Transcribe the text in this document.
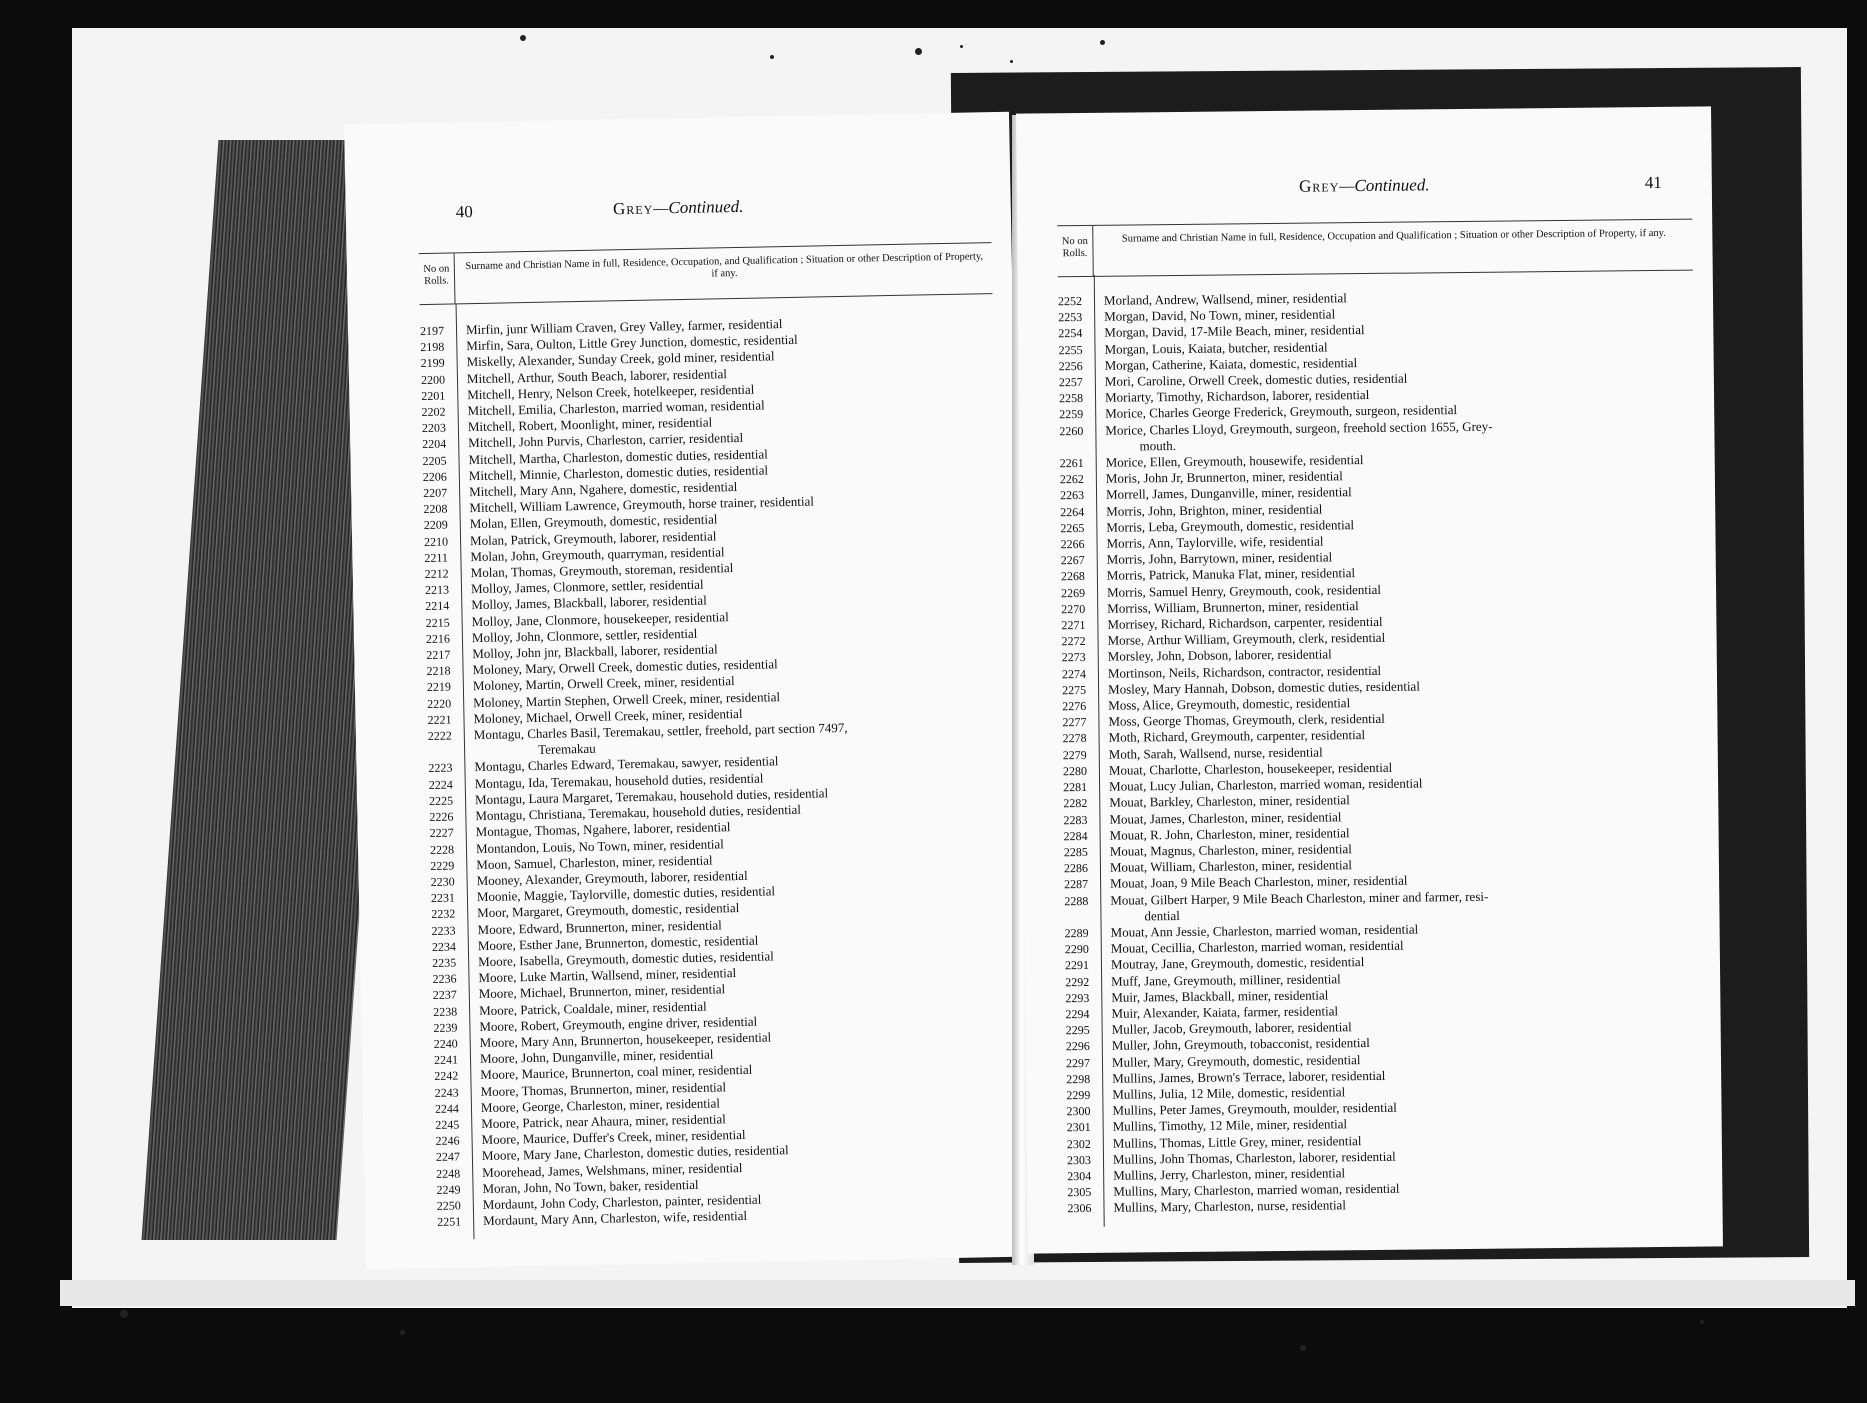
40	Grey—Continued.
No on Rolls.
Surname and Christian Name in full, Residence, Occupation, and Qualification ; Situation or other Description of Property, if any.
2197 Mirfin, junr William Craven, Grey Valley, farmer, residential
2198 Mirfin, Sara, Oulton, Little Grey Junction, domestic, residential
2199 Miskelly, Alexander, Sunday Creek, gold miner, residential
2200 Mitchell, Arthur, South Beach, laborer, residential
2201 Mitchell, Henry, Nelson Creek, hotelkeeper, residential
2202 Mitchell, Emilia, Charleston, married woman, residential
2203 Mitchell, Robert, Moonlight, miner, residential
2204 Mitchell, John Purvis, Charleston, carrier, residential
2205 Mitchell, Martha, Charleston, domestic duties, residential
2206 Mitchell, Minnie, Charleston, domestic duties, residential
2207 Mitchell, Mary Ann, Ngahere, domestic, residential
2208 Mitchell, William Lawrence, Greymouth, horse trainer, residential
2209 Molan, Ellen, Greymouth, domestic, residential
2210 Molan, Patrick, Greymouth, laborer, residential
2211 Molan, John, Greymouth, quarryman, residential
2212 Molan, Thomas, Greymouth, storeman, residential
2213 Molloy, James, Clonmore, settler, residential
2214 Molloy, James, Blackball, laborer, residential
2215 Molloy, Jane, Clonmore, housekeeper, residential
2216 Molloy, John, Clonmore, settler, residential
2217 Molloy, John jnr, Blackball, laborer, residential
2218 Moloney, Mary, Orwell Creek, domestic duties, residential
2219 Moloney, Martin, Orwell Creek, miner, residential
2220 Moloney, Martin Stephen, Orwell Creek, miner, residential
2221 Moloney, Michael, Orwell Creek, miner, residential
2222 Montagu, Charles Basil, Teremakau, settler, freehold, part section 7497,
Teremakau
2223 Montagu, Charles Edward, Teremakau, sawyer, residential
2224 Montagu, Ida, Teremakau, household duties, residential
2225 Montagu, Laura Margaret, Teremakau, household duties, residential
2226 Montagu, Christiana, Teremakau, household duties, residential
2227 Montague, Thomas, Ngahere, laborer, residential
2228 Montandon, Louis, No Town, miner, residential
2229 Moon, Samuel, Charleston, miner, residential
2230 Mooney, Alexander, Greymouth, laborer, residential
2231 Moonie, Maggie, Taylorville, domestic duties, residential
2232 Moor, Margaret, Greymouth, domestic, residential
2233 Moore, Edward, Brunnerton, miner, residential
2234 Moore, Esther Jane, Brunnerton, domestic, residential
2235 Moore, Isabella, Greymouth, domestic duties, residential
2236 Moore, Luke Martin, Wallsend, miner, residential
2237 Moore, Michael, Brunnerton, miner, residential
2238 Moore, Patrick, Coaldale, miner, residential
2239 Moore, Robert, Greymouth, engine driver, residential
2240 Moore, Mary Ann, Brunnerton, housekeeper, residential
2241 Moore, John, Dunganville, miner, residential
2242 Moore, Maurice, Brunnerton, coal miner, residential
2243 Moore, Thomas, Brunnerton, miner, residential
2244 Moore, George, Charleston, miner, residential
2245 Moore, Patrick, near Ahaura, miner, residential
2246 Moore, Maurice, Duffer's Creek, miner, residential
2247 Moore, Mary Jane, Charleston, domestic duties, residential
2248 Moorehead, James, Welshmans, miner, residential
2249 Moran, John, No Town, baker, residential
2250 Mordaunt, John Cody, Charleston, painter, residential
2251 Mordaunt, Mary Ann, Charleston, wife, residential
41
Grey—Continued.
No on Rolls.
Surname and Christian Name in full, Residence, Occupation and Qualification ; Situation or other Description of Property, if any.
2252 Morland, Andrew, Wallsend, miner, residential
2253 Morgan, David, No Town, miner, residential
2254 Morgan, David, 17-Mile Beach, miner, residential
2255 Morgan, Louis, Kaiata, butcher, residential
2256 Morgan, Catherine, Kaiata, domestic, residential
2257 Mori, Caroline, Orwell Creek, domestic duties, residential
2258 Moriarty, Timothy, Richardson, laborer, residential
2259 Morice, Charles George Frederick, Greymouth, surgeon, residential
2260 Morice, Charles Lloyd, Greymouth, surgeon, freehold section 1655, Grey-
mouth.
2261 Morice, Ellen, Greymouth, housewife, residential
2262 Moris, John Jr, Brunnerton, miner, residential
2263 Morrell, James, Dunganville, miner, residential
2264 Morris, John, Brighton, miner, residential
2265 Morris, Leba, Greymouth, domestic, residential
2266 Morris, Ann, Taylorville, wife, residential
2267 Morris, John, Barrytown, miner, residential
2268 Morris, Patrick, Manuka Flat, miner, residential
2269 Morris, Samuel Henry, Greymouth, cook, residential
2270 Morriss, William, Brunnerton, miner, residential
2271 Morrisey, Richard, Richardson, carpenter, residential
2272 Morse, Arthur William, Greymouth, clerk, residential
2273 Morsley, John, Dobson, laborer, residential
2274 Mortinson, Neils, Richardson, contractor, residential
2275 Mosley, Mary Hannah, Dobson, domestic duties, residential
2276 Moss, Alice, Greymouth, domestic, residential
2277 Moss, George Thomas, Greymouth, clerk, residential
2278 Moth, Richard, Greymouth, carpenter, residential
2279 Moth, Sarah, Wallsend, nurse, residential
2280 Mouat, Charlotte, Charleston, housekeeper, residential
2281 Mouat, Lucy Julian, Charleston, married woman, residential
2282 Mouat, Barkley, Charleston, miner, residential
2283 Mouat, James, Charleston, miner, residential
2284 Mouat, R. John, Charleston, miner, residential
2285 Mouat, Magnus, Charleston, miner, residential
2286 Mouat, William, Charleston, miner, residential
2287 Mouat, Joan, 9 Mile Beach Charleston, miner, residential
2288 Mouat, Gilbert Harper, 9 Mile Beach Charleston, miner and farmer, resi-
dential
2289 Mouat, Ann Jessie, Charleston, married woman, residential
2290 Mouat, Cecillia, Charleston, married woman, residential
2291 Moutray, Jane, Greymouth, domestic, residential
2292 Muff, Jane, Greymouth, milliner, residential
2293 Muir, James, Blackball, miner, residential
2294 Muir, Alexander, Kaiata, farmer, residential
2295 Muller, Jacob, Greymouth, laborer, residential
2296 Muller, John, Greymouth, tobacconist, residential
2297 Muller, Mary, Greymouth, domestic, residential
2298 Mullins, James, Brown's Terrace, laborer, residential
2299 Mullins, Julia, 12 Mile, domestic, residential
2300 Mullins, Peter James, Greymouth, moulder, residential
2301 Mullins, Timothy, 12 Mile, miner, residential
2302 Mullins, Thomas, Little Grey, miner, residential
2303 Mullins, John Thomas, Charleston, laborer, residential
2304 Mullins, Jerry, Charleston, miner, residential
2305 Mullins, Mary, Charleston, married woman, residential
2306 Mullins, Mary, Charleston, nurse, residential
